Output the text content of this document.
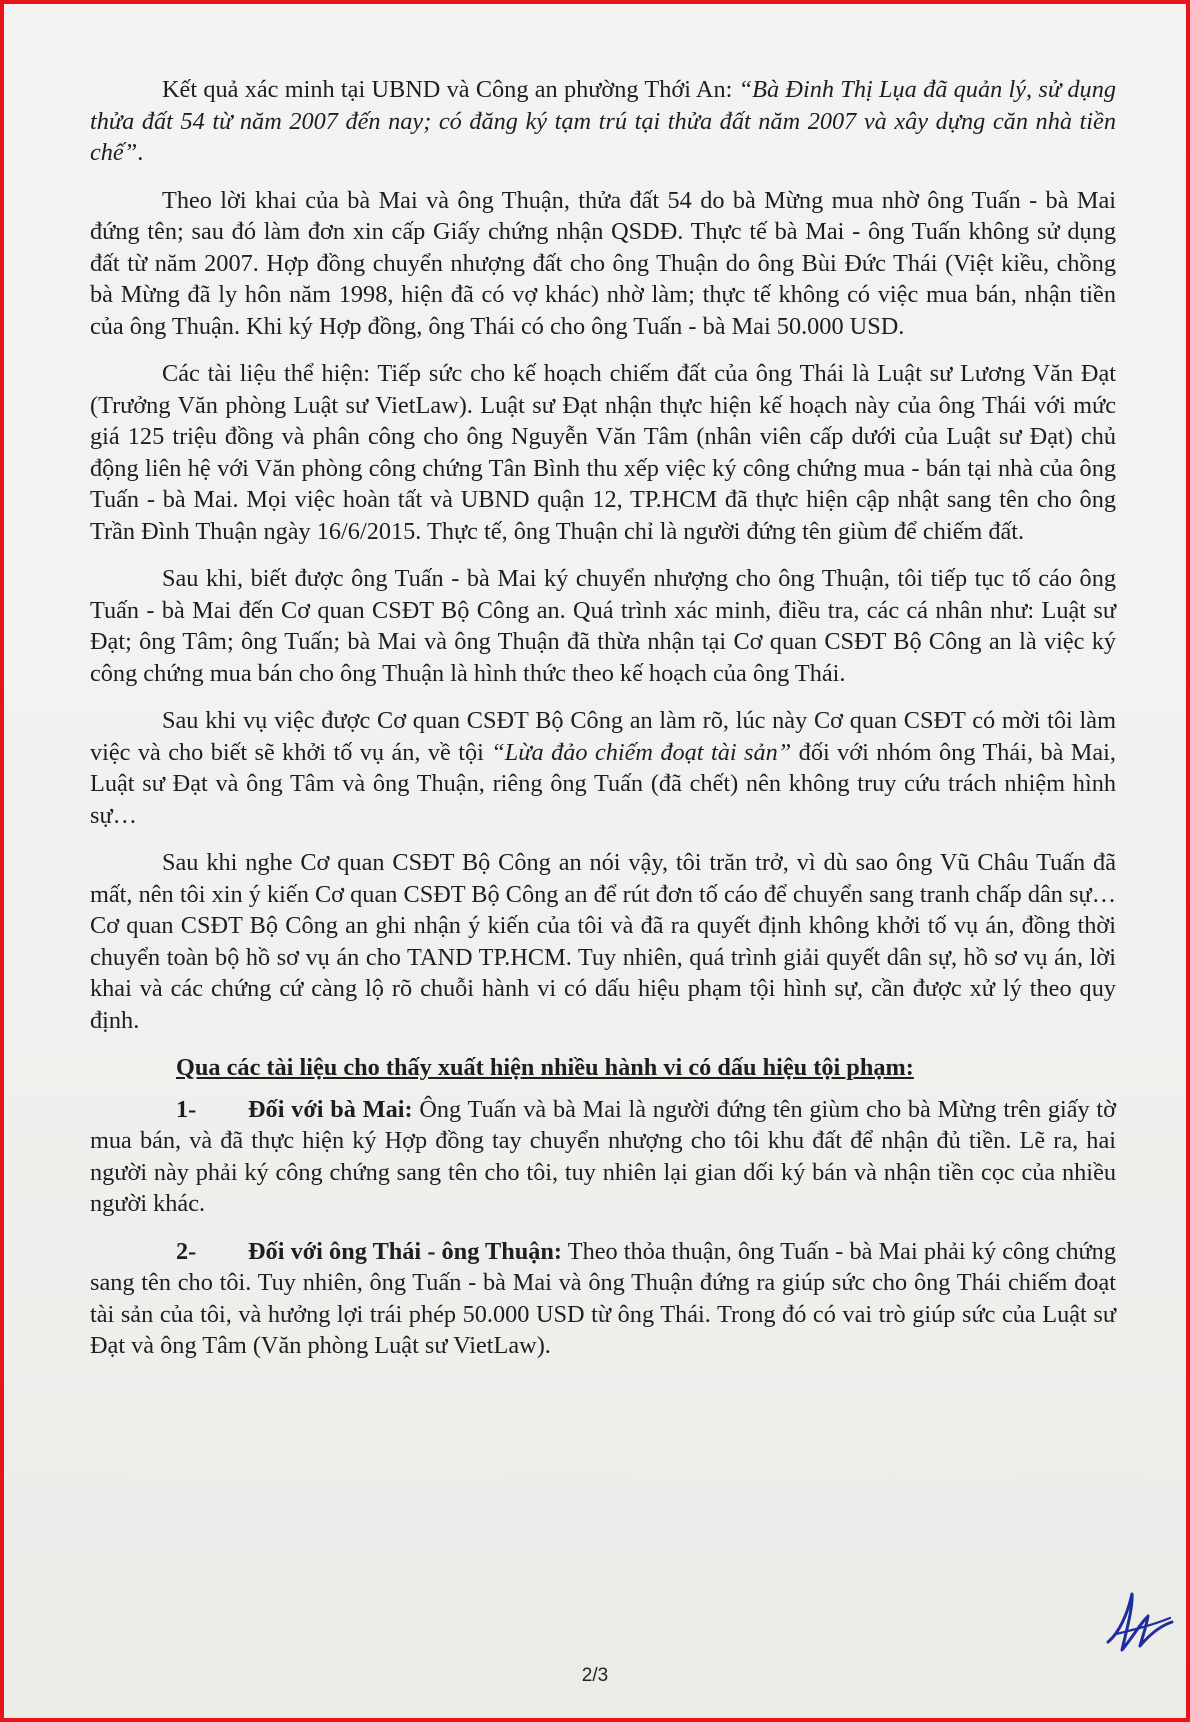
Kết quả xác minh tại UBND và Công an phường Thới An: “Bà Đinh Thị Lụa đã quản lý, sử dụng thửa đất 54 từ năm 2007 đến nay; có đăng ký tạm trú tại thửa đất năm 2007 và xây dựng căn nhà tiền chế”.

Theo lời khai của bà Mai và ông Thuận, thửa đất 54 do bà Mừng mua nhờ ông Tuấn - bà Mai đứng tên; sau đó làm đơn xin cấp Giấy chứng nhận QSDĐ. Thực tế bà Mai - ông Tuấn không sử dụng đất từ năm 2007. Hợp đồng chuyển nhượng đất cho ông Thuận do ông Bùi Đức Thái (Việt kiều, chồng bà Mừng đã ly hôn năm 1998, hiện đã có vợ khác) nhờ làm; thực tế không có việc mua bán, nhận tiền của ông Thuận. Khi ký Hợp đồng, ông Thái có cho ông Tuấn - bà Mai 50.000 USD.

Các tài liệu thể hiện: Tiếp sức cho kế hoạch chiếm đất của ông Thái là Luật sư Lương Văn Đạt (Trưởng Văn phòng Luật sư VietLaw). Luật sư Đạt nhận thực hiện kế hoạch này của ông Thái với mức giá 125 triệu đồng và phân công cho ông Nguyễn Văn Tâm (nhân viên cấp dưới của Luật sư Đạt) chủ động liên hệ với Văn phòng công chứng Tân Bình thu xếp việc ký công chứng mua - bán tại nhà của ông Tuấn - bà Mai. Mọi việc hoàn tất và UBND quận 12, TP.HCM đã thực hiện cập nhật sang tên cho ông Trần Đình Thuận ngày 16/6/2015. Thực tế, ông Thuận chỉ là người đứng tên giùm để chiếm đất.

Sau khi, biết được ông Tuấn - bà Mai ký chuyển nhượng cho ông Thuận, tôi tiếp tục tố cáo ông Tuấn - bà Mai đến Cơ quan CSĐT Bộ Công an. Quá trình xác minh, điều tra, các cá nhân như: Luật sư Đạt; ông Tâm; ông Tuấn; bà Mai và ông Thuận đã thừa nhận tại Cơ quan CSĐT Bộ Công an là việc ký công chứng mua bán cho ông Thuận là hình thức theo kế hoạch của ông Thái.

Sau khi vụ việc được Cơ quan CSĐT Bộ Công an làm rõ, lúc này Cơ quan CSĐT có mời tôi làm việc và cho biết sẽ khởi tố vụ án, về tội “Lừa đảo chiếm đoạt tài sản” đối với nhóm ông Thái, bà Mai, Luật sư Đạt và ông Tâm và ông Thuận, riêng ông Tuấn (đã chết) nên không truy cứu trách nhiệm hình sự…

Sau khi nghe Cơ quan CSĐT Bộ Công an nói vậy, tôi trăn trở, vì dù sao ông Vũ Châu Tuấn đã mất, nên tôi xin ý kiến Cơ quan CSĐT Bộ Công an để rút đơn tố cáo để chuyển sang tranh chấp dân sự… Cơ quan CSĐT Bộ Công an ghi nhận ý kiến của tôi và đã ra quyết định không khởi tố vụ án, đồng thời chuyển toàn bộ hồ sơ vụ án cho TAND TP.HCM. Tuy nhiên, quá trình giải quyết dân sự, hồ sơ vụ án, lời khai và các chứng cứ càng lộ rõ chuỗi hành vi có dấu hiệu phạm tội hình sự, cần được xử lý theo quy định.

Qua các tài liệu cho thấy xuất hiện nhiều hành vi có dấu hiệu tội phạm:

1- Đối với bà Mai: Ông Tuấn và bà Mai là người đứng tên giùm cho bà Mừng trên giấy tờ mua bán, và đã thực hiện ký Hợp đồng tay chuyển nhượng cho tôi khu đất để nhận đủ tiền. Lẽ ra, hai người này phải ký công chứng sang tên cho tôi, tuy nhiên lại gian dối ký bán và nhận tiền cọc của nhiều người khác.

2- Đối với ông Thái - ông Thuận: Theo thỏa thuận, ông Tuấn - bà Mai phải ký công chứng sang tên cho tôi. Tuy nhiên, ông Tuấn - bà Mai và ông Thuận đứng ra giúp sức cho ông Thái chiếm đoạt tài sản của tôi, và hưởng lợi trái phép 50.000 USD từ ông Thái. Trong đó có vai trò giúp sức của Luật sư Đạt và ông Tâm (Văn phòng Luật sư VietLaw).

2/3
